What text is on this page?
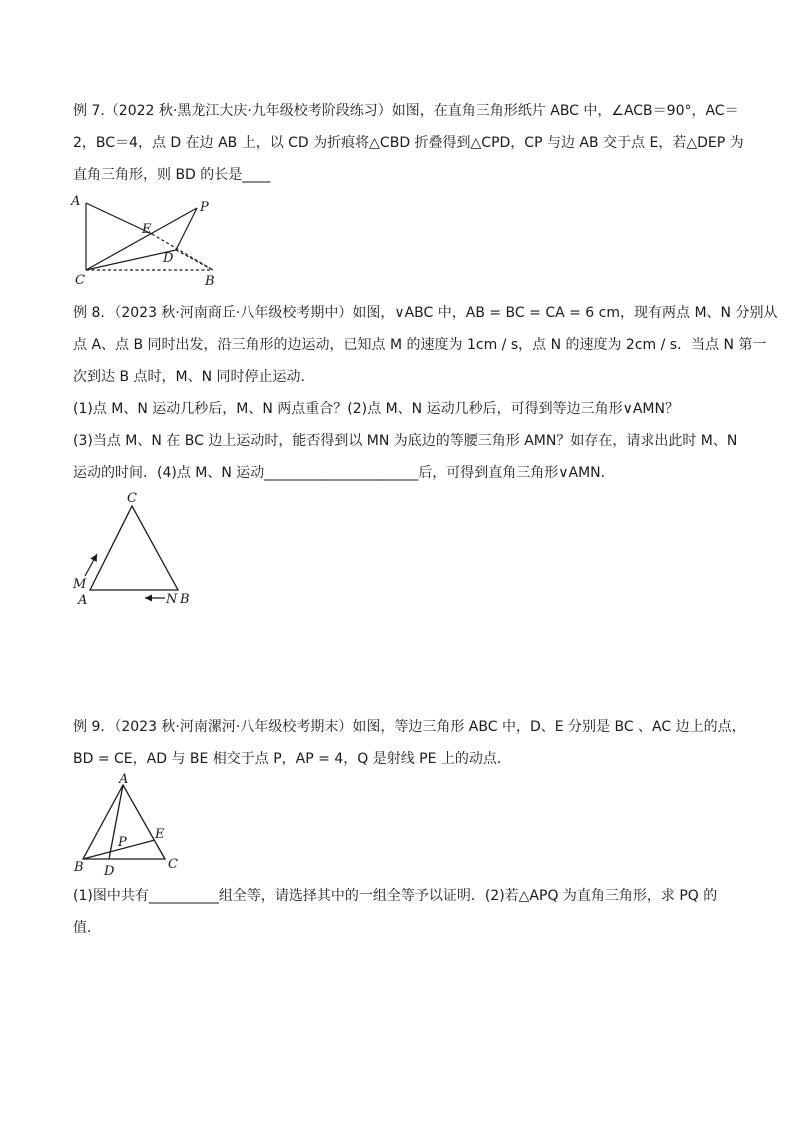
例 7.（2022 秋·黑龙江大庆·九年级校考阶段练习）如图，在直角三角形纸片 ABC 中，∠ACB＝90°，AC＝
2，BC＝4，点 D 在边 AB 上，以 CD 为折痕将△CBD 折叠得到△CPD，CP 与边 AB 交于点 E，若△DEP 为
直角三角形，则 BD 的长是____
A	P
E
D
C	B
例 8．（2023 秋·河南商丘·八年级校考期中）如图，∨ABC 中，AB = BC = CA = 6 cm，现有两点 M、N 分别从
点 A、点 B 同时出发，沿三角形的边运动，已知点 M 的速度为 1cm / s，点 N 的速度为 2cm / s．当点 N 第一
次到达 B 点时，M、N 同时停止运动．
(1)点 M、N 运动几秒后，M、N 两点重合？(2)点 M、N 运动几秒后，可得到等边三角形∨AMN？
(3)当点 M、N 在 BC 边上运动时，能否得到以 MN 为底边的等腰三角形 AMN？如存在，请求出此时 M、N
运动的时间．(4)点 M、N 运动______________________后，可得到直角三角形∨AMN．
C
M
A	N B
例 9．（2023 秋·河南漯河·八年级校考期末）如图，等边三角形 ABC 中，D、E 分别是 BC 、AC 边上的点，
BD = CE，AD 与 BE 相交于点 P，AP = 4，Q 是射线 PE 上的动点．
A
P
E
B D	C
(1)图中共有__________组全等，请选择其中的一组全等予以证明．(2)若△APQ 为直角三角形，求 PQ 的
值．
